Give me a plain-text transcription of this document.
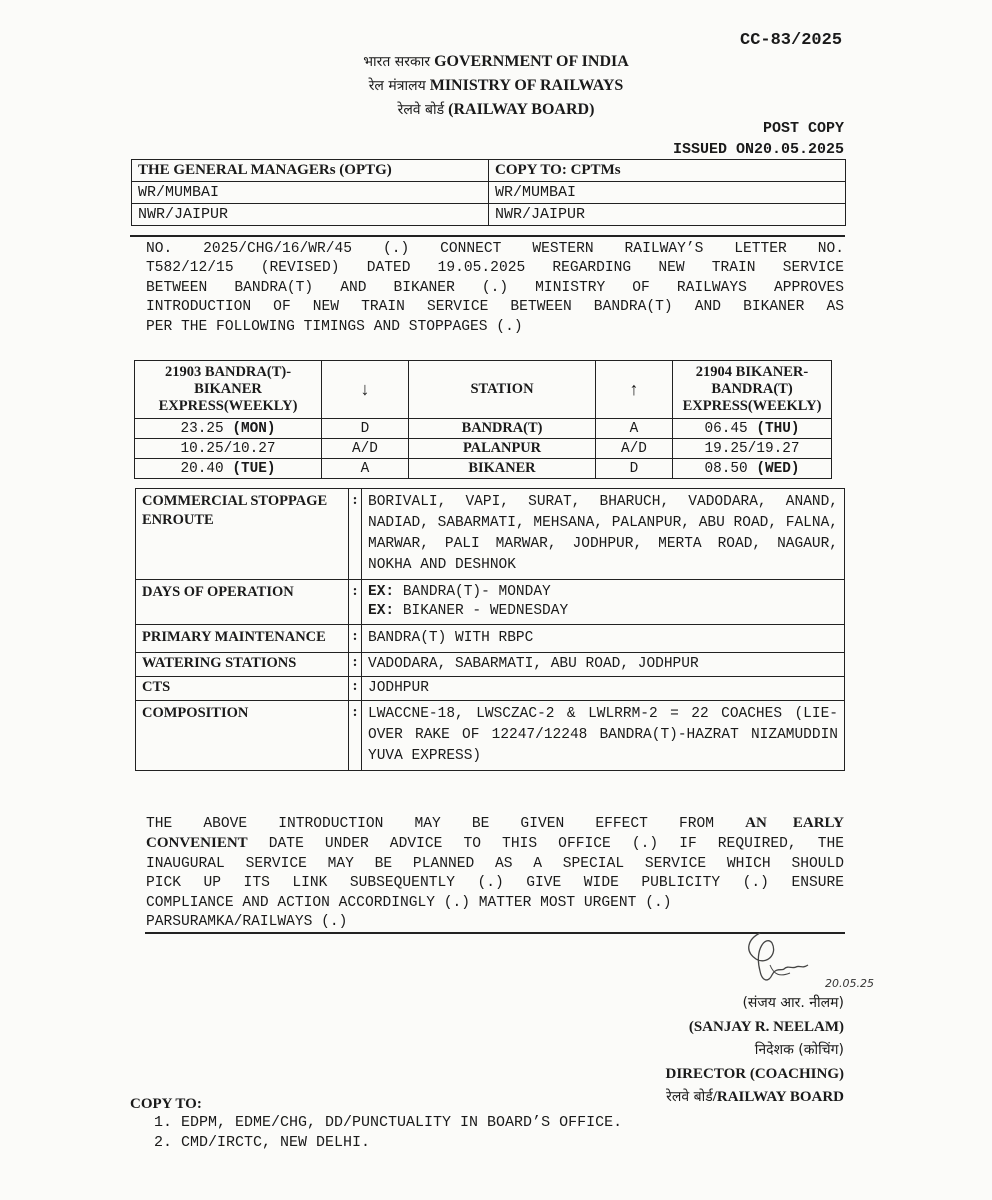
CC-83/2025
भारत सरकार GOVERNMENT OF INDIA
रेल मंत्रालय MINISTRY OF RAILWAYS
रेलवे बोर्ड (RAILWAY BOARD)
POST COPY
ISSUED ON20.05.2025
THE GENERAL MANAGERs (OPTG)	COPY TO: CPTMs
WR/MUMBAI	WR/MUMBAI
NWR/JAIPUR	NWR/JAIPUR
NO. 2025/CHG/16/WR/45 (.) CONNECT WESTERN RAILWAY’S LETTER NO.
T582/12/15 (REVISED) DATED 19.05.2025 REGARDING NEW TRAIN SERVICE
BETWEEN BANDRA(T) AND BIKANER (.) MINISTRY OF RAILWAYS APPROVES
INTRODUCTION OF NEW TRAIN SERVICE BETWEEN BANDRA(T) AND BIKANER AS
PER THE FOLLOWING TIMINGS AND STOPPAGES (.)
21903 BANDRA(T)- BIKANER EXPRESS(WEEKLY)	↓	STATION	↑	21904 BIKANER- BANDRA(T) EXPRESS(WEEKLY)
23.25 (MON)	D	BANDRA(T)	A	06.45 (THU)
10.25/10.27	A/D	PALANPUR	A/D	19.25/19.27
20.40 (TUE)	A	BIKANER	D	08.50 (WED)
COMMERCIAL STOPPAGE ENROUTE	:	BORIVALI, VAPI, SURAT, BHARUCH, VADODARA, ANAND, NADIAD, SABARMATI, MEHSANA, PALANPUR, ABU ROAD, FALNA, MARWAR, PALI MARWAR, JODHPUR, MERTA ROAD, NAGAUR, NOKHA AND DESHNOK
DAYS OF OPERATION	:	EX: BANDRA(T)- MONDAY
EX: BIKANER - WEDNESDAY

PRIMARY MAINTENANCE	:	BANDRA(T) WITH RBPC
WATERING STATIONS	:	VADODARA, SABARMATI, ABU ROAD, JODHPUR
CTS	:	JODHPUR
COMPOSITION	:	LWACCNE-18, LWSCZAC-2 & LWLRRM-2 = 22 COACHES (LIE-OVER RAKE OF 12247/12248 BANDRA(T)-HAZRAT NIZAMUDDIN YUVA EXPRESS)
THE ABOVE INTRODUCTION MAY BE GIVEN EFFECT FROM AN EARLY
CONVENIENT DATE UNDER ADVICE TO THIS OFFICE (.) IF REQUIRED, THE
INAUGURAL SERVICE MAY BE PLANNED AS A SPECIAL SERVICE WHICH SHOULD
PICK UP ITS LINK SUBSEQUENTLY (.) GIVE WIDE PUBLICITY (.) ENSURE
COMPLIANCE AND ACTION ACCORDINGLY (.) MATTER MOST URGENT (.)
PARSURAMKA/RAILWAYS (.)
20.05.25
(संजय आर. नीलम)
(SANJAY R. NEELAM)
निदेशक (कोचिंग)
DIRECTOR (COACHING)
रेलवे बोर्ड/RAILWAY BOARD
COPY TO:
1. EDPM, EDME/CHG, DD/PUNCTUALITY IN BOARD’S OFFICE.
2. CMD/IRCTC, NEW DELHI.
